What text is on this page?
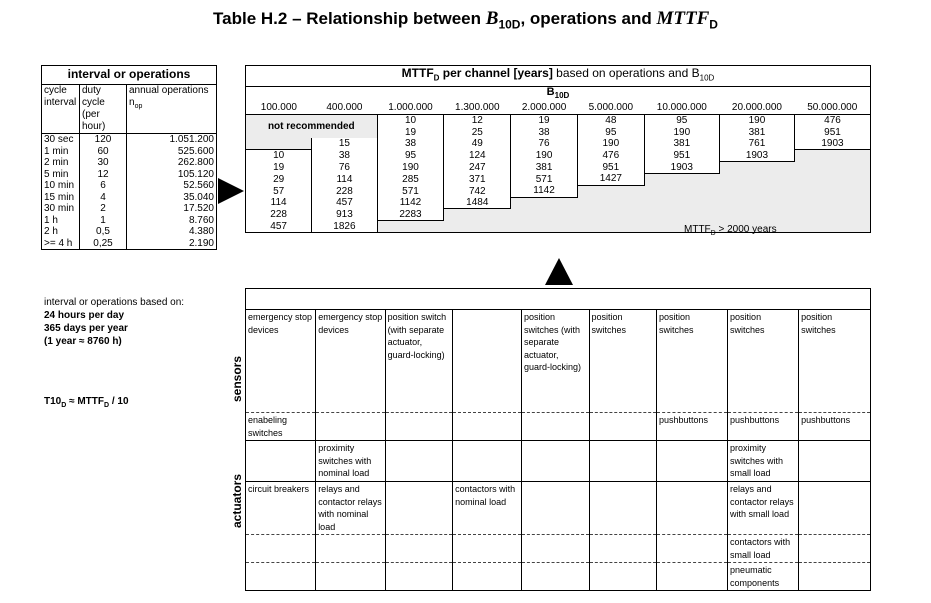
Table H.2 – Relationship between $B_{10D}$, operations and $MTTF_D$
interval or operations		
cycle interval	duty cycle (per hour)	annual operations $n_{op}$
30 sec	120	1.051.200
1 min	60	525.600
2 min	30	262.800
5 min	12	105.120
10 min	6	52.560
15 min	4	35.040
30 min	2	17.520
1 h	1	8.760
2 h	0,5	4.380
>= 4 h	0,25	2.190
$MTTF_D$ per channel [years] based on operations and $B_{10D}$
$B_{10D}$
100.000	400.000	1.000.000	1.300.000	2.000.000	5.000.000	10.000.000	20.000.000	50.000.000
not recommended		10	12	19	48	95	190	476
		19	25	38	95	190	381	951
	15	38	49	76	190	381	761	1903
10	38	95	124	190	476	951	1903	
19	76	190	247	381	951	1903		
29	114	285	371	571	1427			
57	228	571	742	1142				
114	457	1142	1484					
228	913	2283						
457	1826							
interval or operations based on:
24 hours per day
365 days per year
(1 year ≈ 8760 h)
$T10_D$ ≈ $MTTF_D / 10$	sensors
actuators

emergency stop devices	emergency stop devices	position switch (with separate actuator, guard-locking)		position switches (with separate actuator, guard-locking)	position switches	position switches	position switches	position switches
enabeling switches						pushbuttons	pushbuttons	pushbuttons
	proximity switches with nominal load						proximity switches with small load	
circuit breakers	relays and contactor relays with nominal load		contactors with nominal load				relays and contactor relays with small load	
							contactors with small load	
							pneumatic components	
$MTTF_D > 2000$ years
